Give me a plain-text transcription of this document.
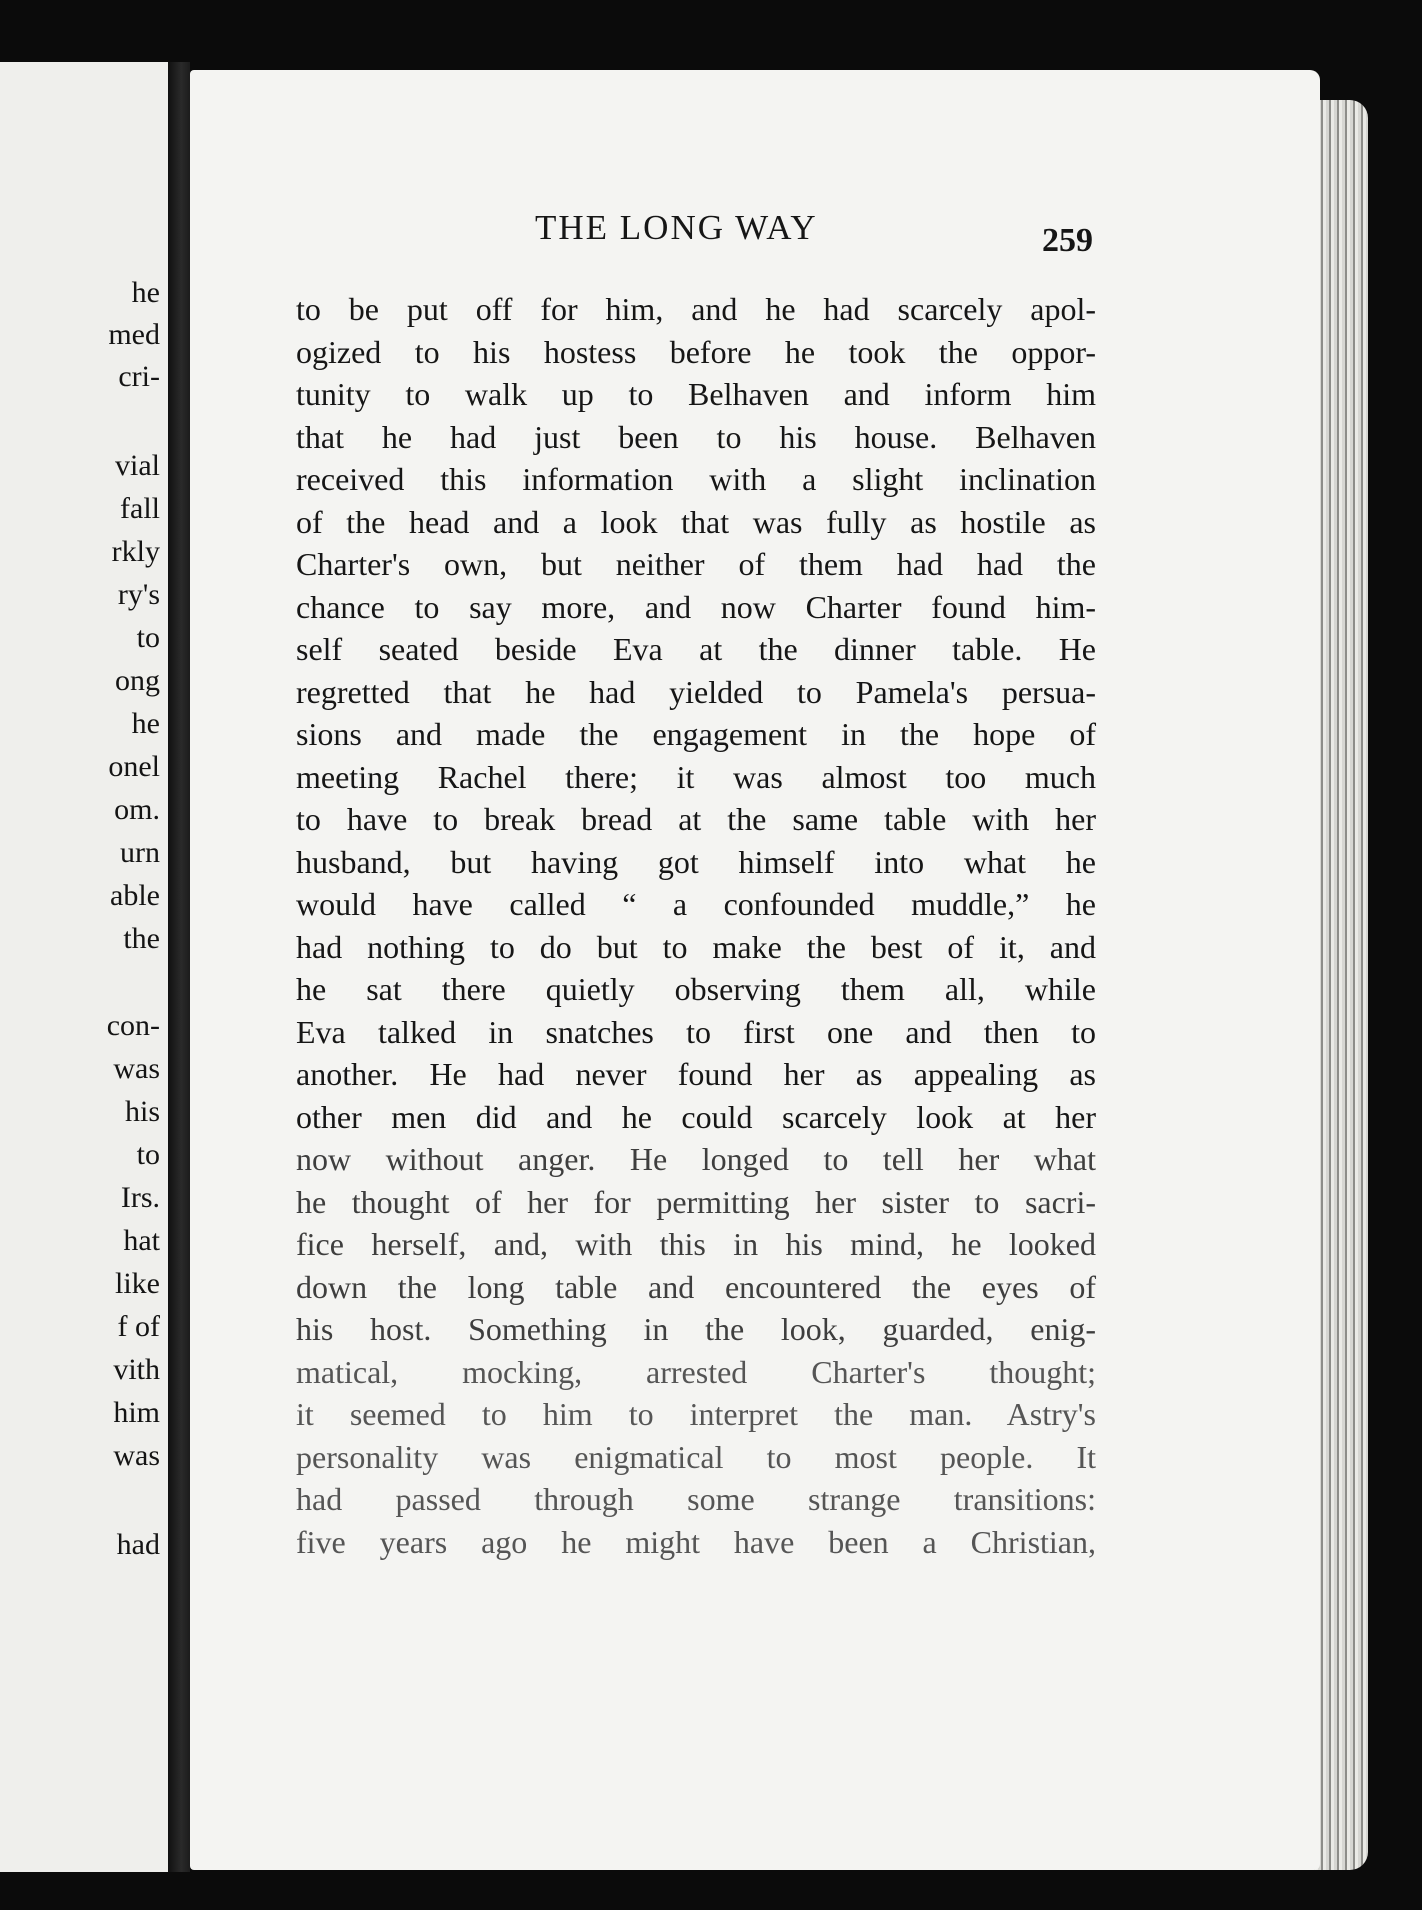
he
med
cri-
vial
fall
rkly
ry's
to
ong
he
onel
om.
urn
able
the
con-
was
his
to
Irs.
hat
like
f of
vith
him
was
had
THE LONG WAY	259
to be put off for him, and he had scarcely apol-
ogized to his hostess before he took the oppor-
tunity to walk up to Belhaven and inform him
that he had just been to his house. Belhaven
received this information with a slight inclination
of the head and a look that was fully as hostile as
Charter's own, but neither of them had had the
chance to say more, and now Charter found him-
self seated beside Eva at the dinner table. He
regretted that he had yielded to Pamela's persua-
sions and made the engagement in the hope of
meeting Rachel there; it was almost too much
to have to break bread at the same table with her
husband, but having got himself into what he
would have called “ a confounded muddle,” he
had nothing to do but to make the best of it, and
he sat there quietly observing them all, while
Eva talked in snatches to first one and then to
another. He had never found her as appealing as
other men did and he could scarcely look at her
now without anger. He longed to tell her what
he thought of her for permitting her sister to sacri-
fice herself, and, with this in his mind, he looked
down the long table and encountered the eyes of
his host. Something in the look, guarded, enig-
matical, mocking, arrested Charter's thought;
it seemed to him to interpret the man. Astry's
personality was enigmatical to most people. It
had passed through some strange transitions:
five years ago he might have been a Christian,
